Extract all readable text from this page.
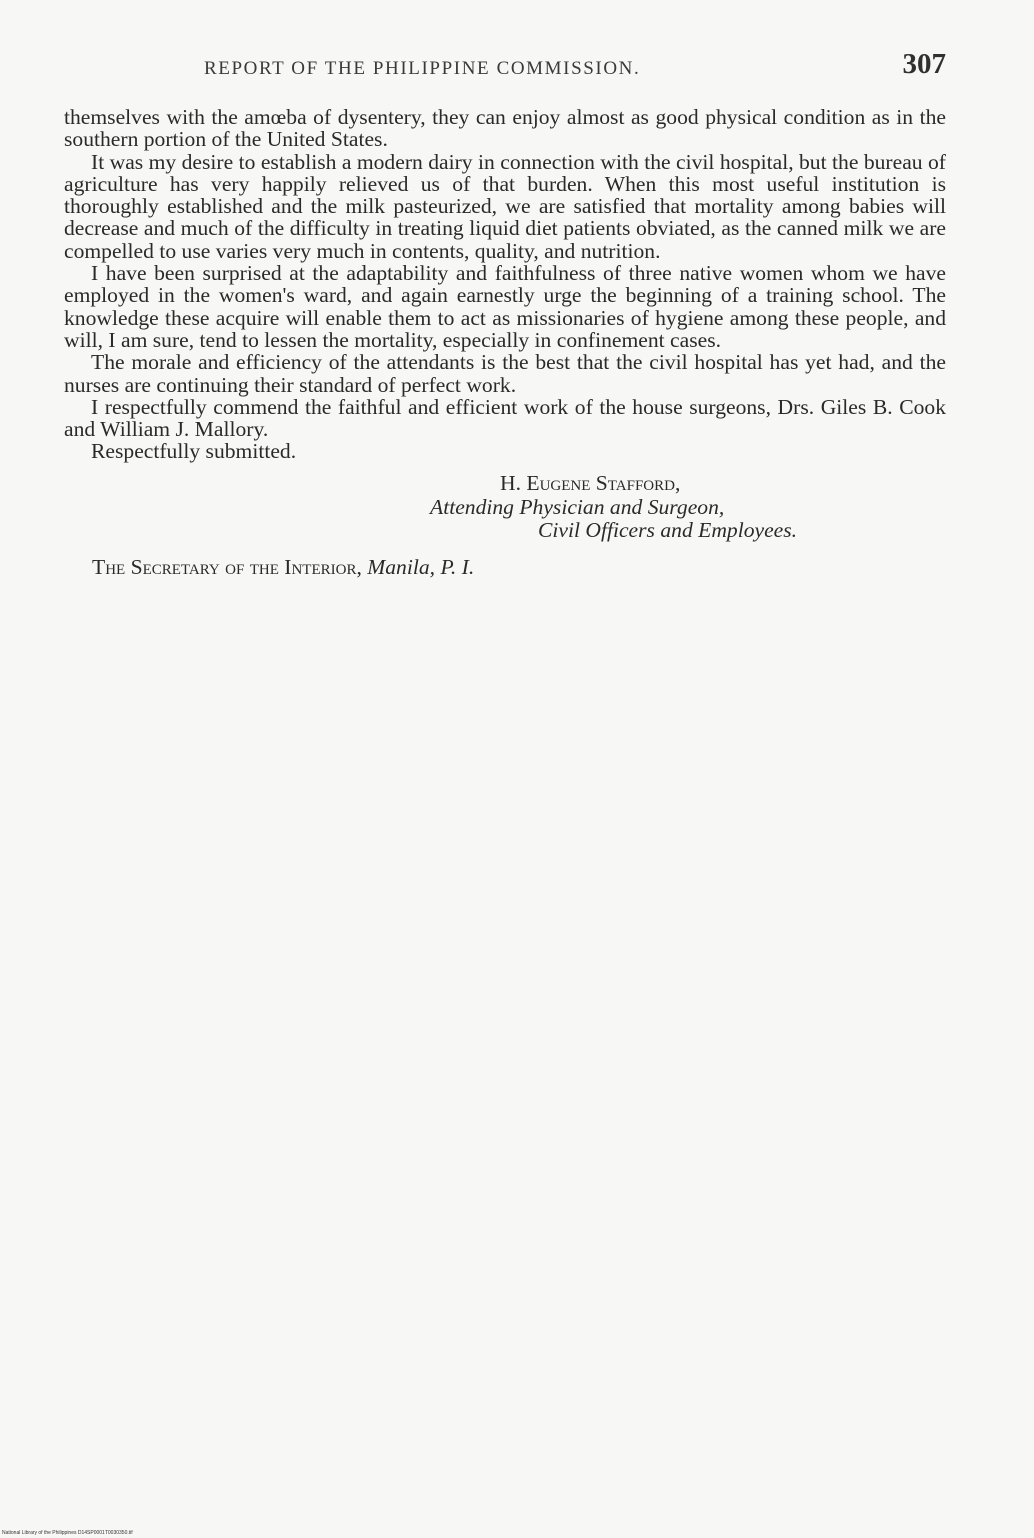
REPORT OF THE PHILIPPINE COMMISSION.	307

themselves with the amœba of dysentery, they can enjoy almost as good physical condition as in the southern portion of the United States.

It was my desire to establish a modern dairy in connection with the civil hospital, but the bureau of agriculture has very happily relieved us of that burden. When this most useful institution is thoroughly established and the milk pasteurized, we are satisfied that mortality among babies will decrease and much of the difficulty in treating liquid diet patients obviated, as the canned milk we are compelled to use varies very much in contents, quality, and nutrition.

I have been surprised at the adaptability and faithfulness of three native women whom we have employed in the women's ward, and again earnestly urge the beginning of a training school. The knowledge these acquire will enable them to act as missionaries of hygiene among these people, and will, I am sure, tend to lessen the mortality, especially in confinement cases.

The morale and efficiency of the attendants is the best that the civil hospital has yet had, and the nurses are continuing their standard of perfect work.

I respectfully commend the faithful and efficient work of the house surgeons, Drs. Giles B. Cook and William J. Mallory.

Respectfully submitted.

H. Eugene Stafford,
Attending Physician and Surgeon,
Civil Officers and Employees.
The Secretary of the Interior, Manila, P. I.
National Library of the Philippines D14SP0001T0030350.tif
